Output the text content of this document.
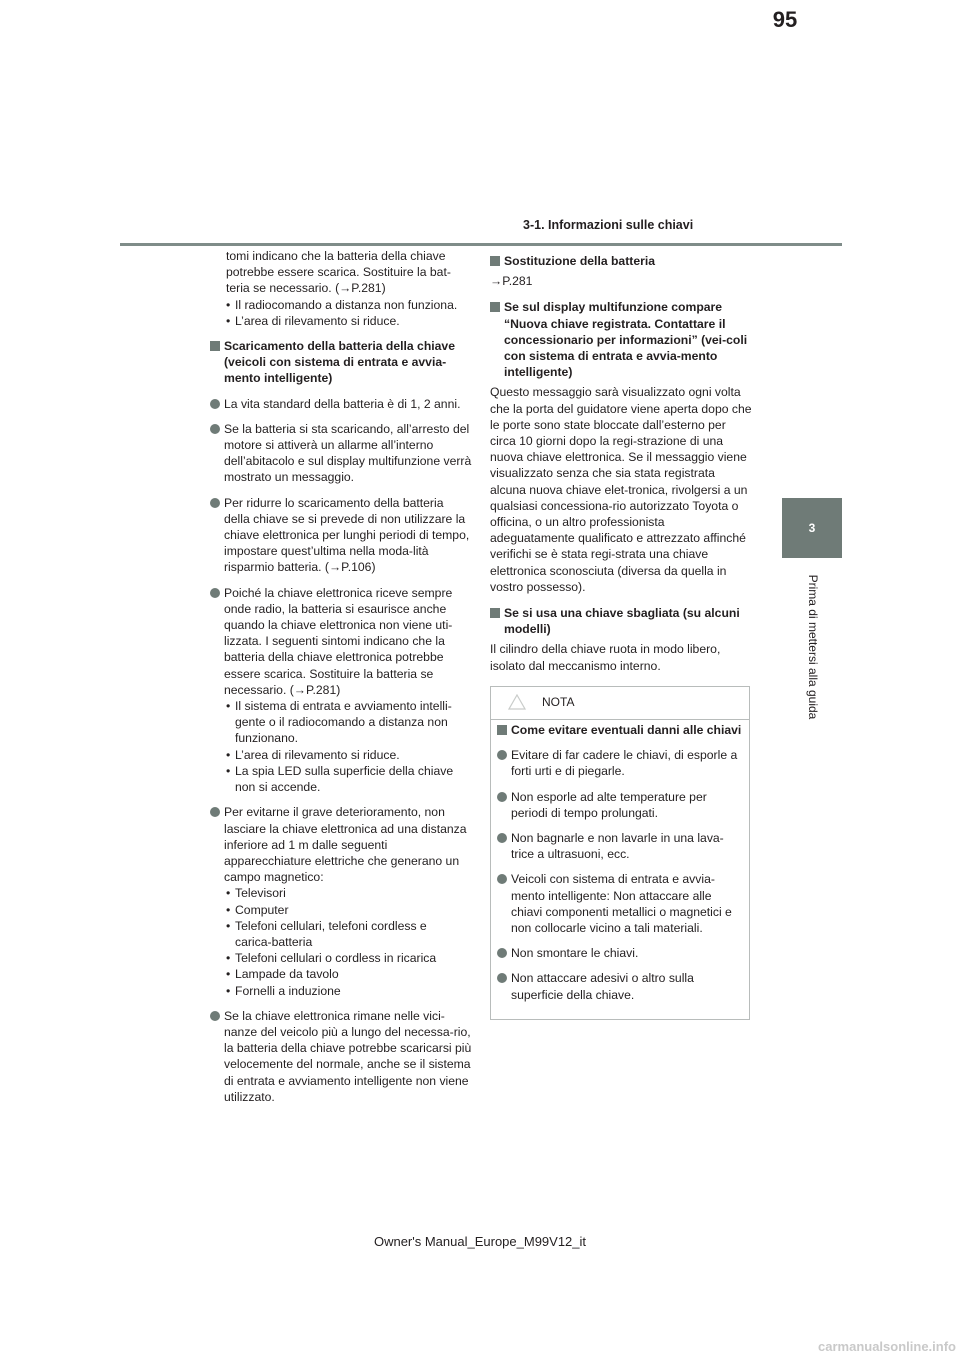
95
3-1. Informazioni sulle chiavi
3
Prima di mettersi alla guida
tomi indicano che la batteria della chiave potrebbe essere scarica. Sostituire la bat-teria se necessario. (→P.281)
• Il radiocomando a distanza non funziona.
• L’area di rilevamento si riduce.
Scaricamento della batteria della chiave (veicoli con sistema di entrata e avvia-mento intelligente)
La vita standard della batteria è di 1, 2 anni.
Se la batteria si sta scaricando, all’arresto del motore si attiverà un allarme all’interno dell’abitacolo e sul display multifunzione verrà mostrato un messaggio.
Per ridurre lo scaricamento della batteria della chiave se si prevede di non utilizzare la chiave elettronica per lunghi periodi di tempo, impostare quest’ultima nella moda-lità risparmio batteria. (→P.106)
Poiché la chiave elettronica riceve sempre onde radio, la batteria si esaurisce anche quando la chiave elettronica non viene uti-lizzata. I seguenti sintomi indicano che la batteria della chiave elettronica potrebbe essere scarica. Sostituire la batteria se necessario. (→P.281)
• Il sistema di entrata e avviamento intelli-gente o il radiocomando a distanza non funzionano.
• L’area di rilevamento si riduce.
• La spia LED sulla superficie della chiave non si accende.
Per evitarne il grave deterioramento, non lasciare la chiave elettronica ad una distanza inferiore ad 1 m dalle seguenti apparecchiature elettriche che generano un campo magnetico:
• Televisori
• Computer
• Telefoni cellulari, telefoni cordless e carica-batteria
• Telefoni cellulari o cordless in ricarica
• Lampade da tavolo
• Fornelli a induzione
Se la chiave elettronica rimane nelle vici-nanze del veicolo più a lungo del necessa-rio, la batteria della chiave potrebbe scaricarsi più velocemente del normale, anche se il sistema di entrata e avviamento intelligente non viene utilizzato.
Sostituzione della batteria
→P.281
Se sul display multifunzione compare “Nuova chiave registrata. Contattare il concessionario per informazioni” (vei-coli con sistema di entrata e avvia-mento intelligente)
Questo messaggio sarà visualizzato ogni volta che la porta del guidatore viene aperta dopo che le porte sono state bloccate dall’esterno per circa 10 giorni dopo la regi-strazione di una nuova chiave elettronica. Se il messaggio viene visualizzato senza che sia stata registrata alcuna nuova chiave elet-tronica, rivolgersi a un qualsiasi concessiona-rio autorizzato Toyota o officina, o un altro professionista adeguatamente qualificato e attrezzato affinché verifichi se è stata regi-strata una chiave elettronica sconosciuta (diversa da quella in vostro possesso).
Se si usa una chiave sbagliata (su alcuni modelli)
Il cilindro della chiave ruota in modo libero, isolato dal meccanismo interno.
NOTA
Come evitare eventuali danni alle chiavi
Evitare di far cadere le chiavi, di esporle a forti urti e di piegarle.
Non esporle ad alte temperature per periodi di tempo prolungati.
Non bagnarle e non lavarle in una lava-trice a ultrasuoni, ecc.
Veicoli con sistema di entrata e avvia-mento intelligente: Non attaccare alle chiavi componenti metallici o magnetici e non collocarle vicino a tali materiali.
Non smontare le chiavi.
Non attaccare adesivi o altro sulla superficie della chiave.
Owner's Manual_Europe_M99V12_it
carmanualsonline.info
